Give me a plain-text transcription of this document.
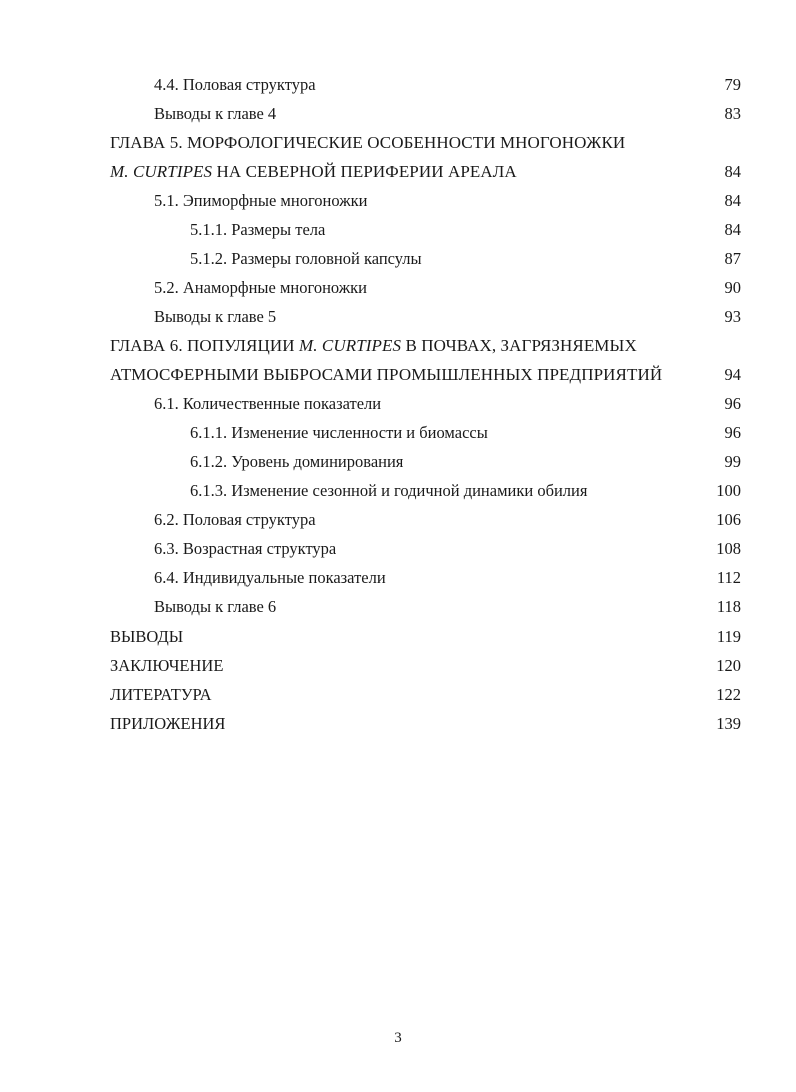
4.4. Половая структура	79
Выводы к главе 4	83
ГЛАВА 5. МОРФОЛОГИЧЕСКИЕ ОСОБЕННОСТИ МНОГОНОЖКИ
M. CURTIPES НА СЕВЕРНОЙ ПЕРИФЕРИИ АРЕАЛА	84
5.1. Эпиморфные многоножки	84
5.1.1. Размеры тела	84
5.1.2. Размеры головной капсулы	87
5.2. Анаморфные многоножки	90
Выводы к главе 5	93
ГЛАВА 6. ПОПУЛЯЦИИ M. CURTIPES В ПОЧВАХ, ЗАГРЯЗНЯЕМЫХ
АТМОСФЕРНЫМИ ВЫБРОСАМИ ПРОМЫШЛЕННЫХ ПРЕДПРИЯТИЙ	94
6.1. Количественные показатели	96
6.1.1. Изменение численности и биомассы	96
6.1.2. Уровень доминирования	99
6.1.3. Изменение сезонной и годичной динамики обилия	100
6.2. Половая структура	106
6.3. Возрастная структура	108
6.4. Индивидуальные показатели	112
Выводы к главе 6	118
ВЫВОДЫ	119
ЗАКЛЮЧЕНИЕ	120
ЛИТЕРАТУРА	122
ПРИЛОЖЕНИЯ	139
3
